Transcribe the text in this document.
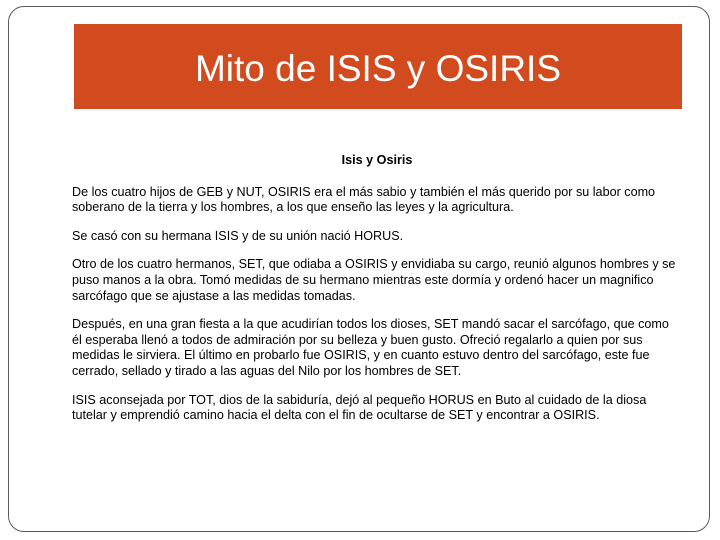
Mito de ISIS y OSIRIS

Isis y Osiris

De los cuatro hijos de GEB y NUT, OSIRIS era el más sabio y también el más querido por su labor como soberano de la tierra y los hombres, a los que enseño las leyes y la agricultura.

Se casó con su hermana ISIS y de su unión nació HORUS.

Otro de los cuatro hermanos, SET, que odiaba a OSIRIS y envidiaba su cargo, reunió algunos hombres y se puso manos a la obra. Tomó medidas de su hermano mientras este dormía y ordenó hacer un magnifico sarcófago que se ajustase a las medidas tomadas.

Después, en una gran fiesta a la que acudirían todos los dioses, SET mandó sacar el sarcófago, que como él esperaba llenó a todos de admiración por su belleza y buen gusto. Ofreció regalarlo a quien por sus medidas le sirviera. El último en probarlo fue OSIRIS, y en cuanto estuvo dentro del sarcófago, este fue cerrado, sellado y tirado a las aguas del Nilo por los hombres de SET.

ISIS aconsejada por TOT, dios de la sabiduría, dejó al pequeño HORUS en Buto al cuidado de la diosa tutelar y emprendió camino hacia el delta con el fin de ocultarse de SET y encontrar a OSIRIS.
